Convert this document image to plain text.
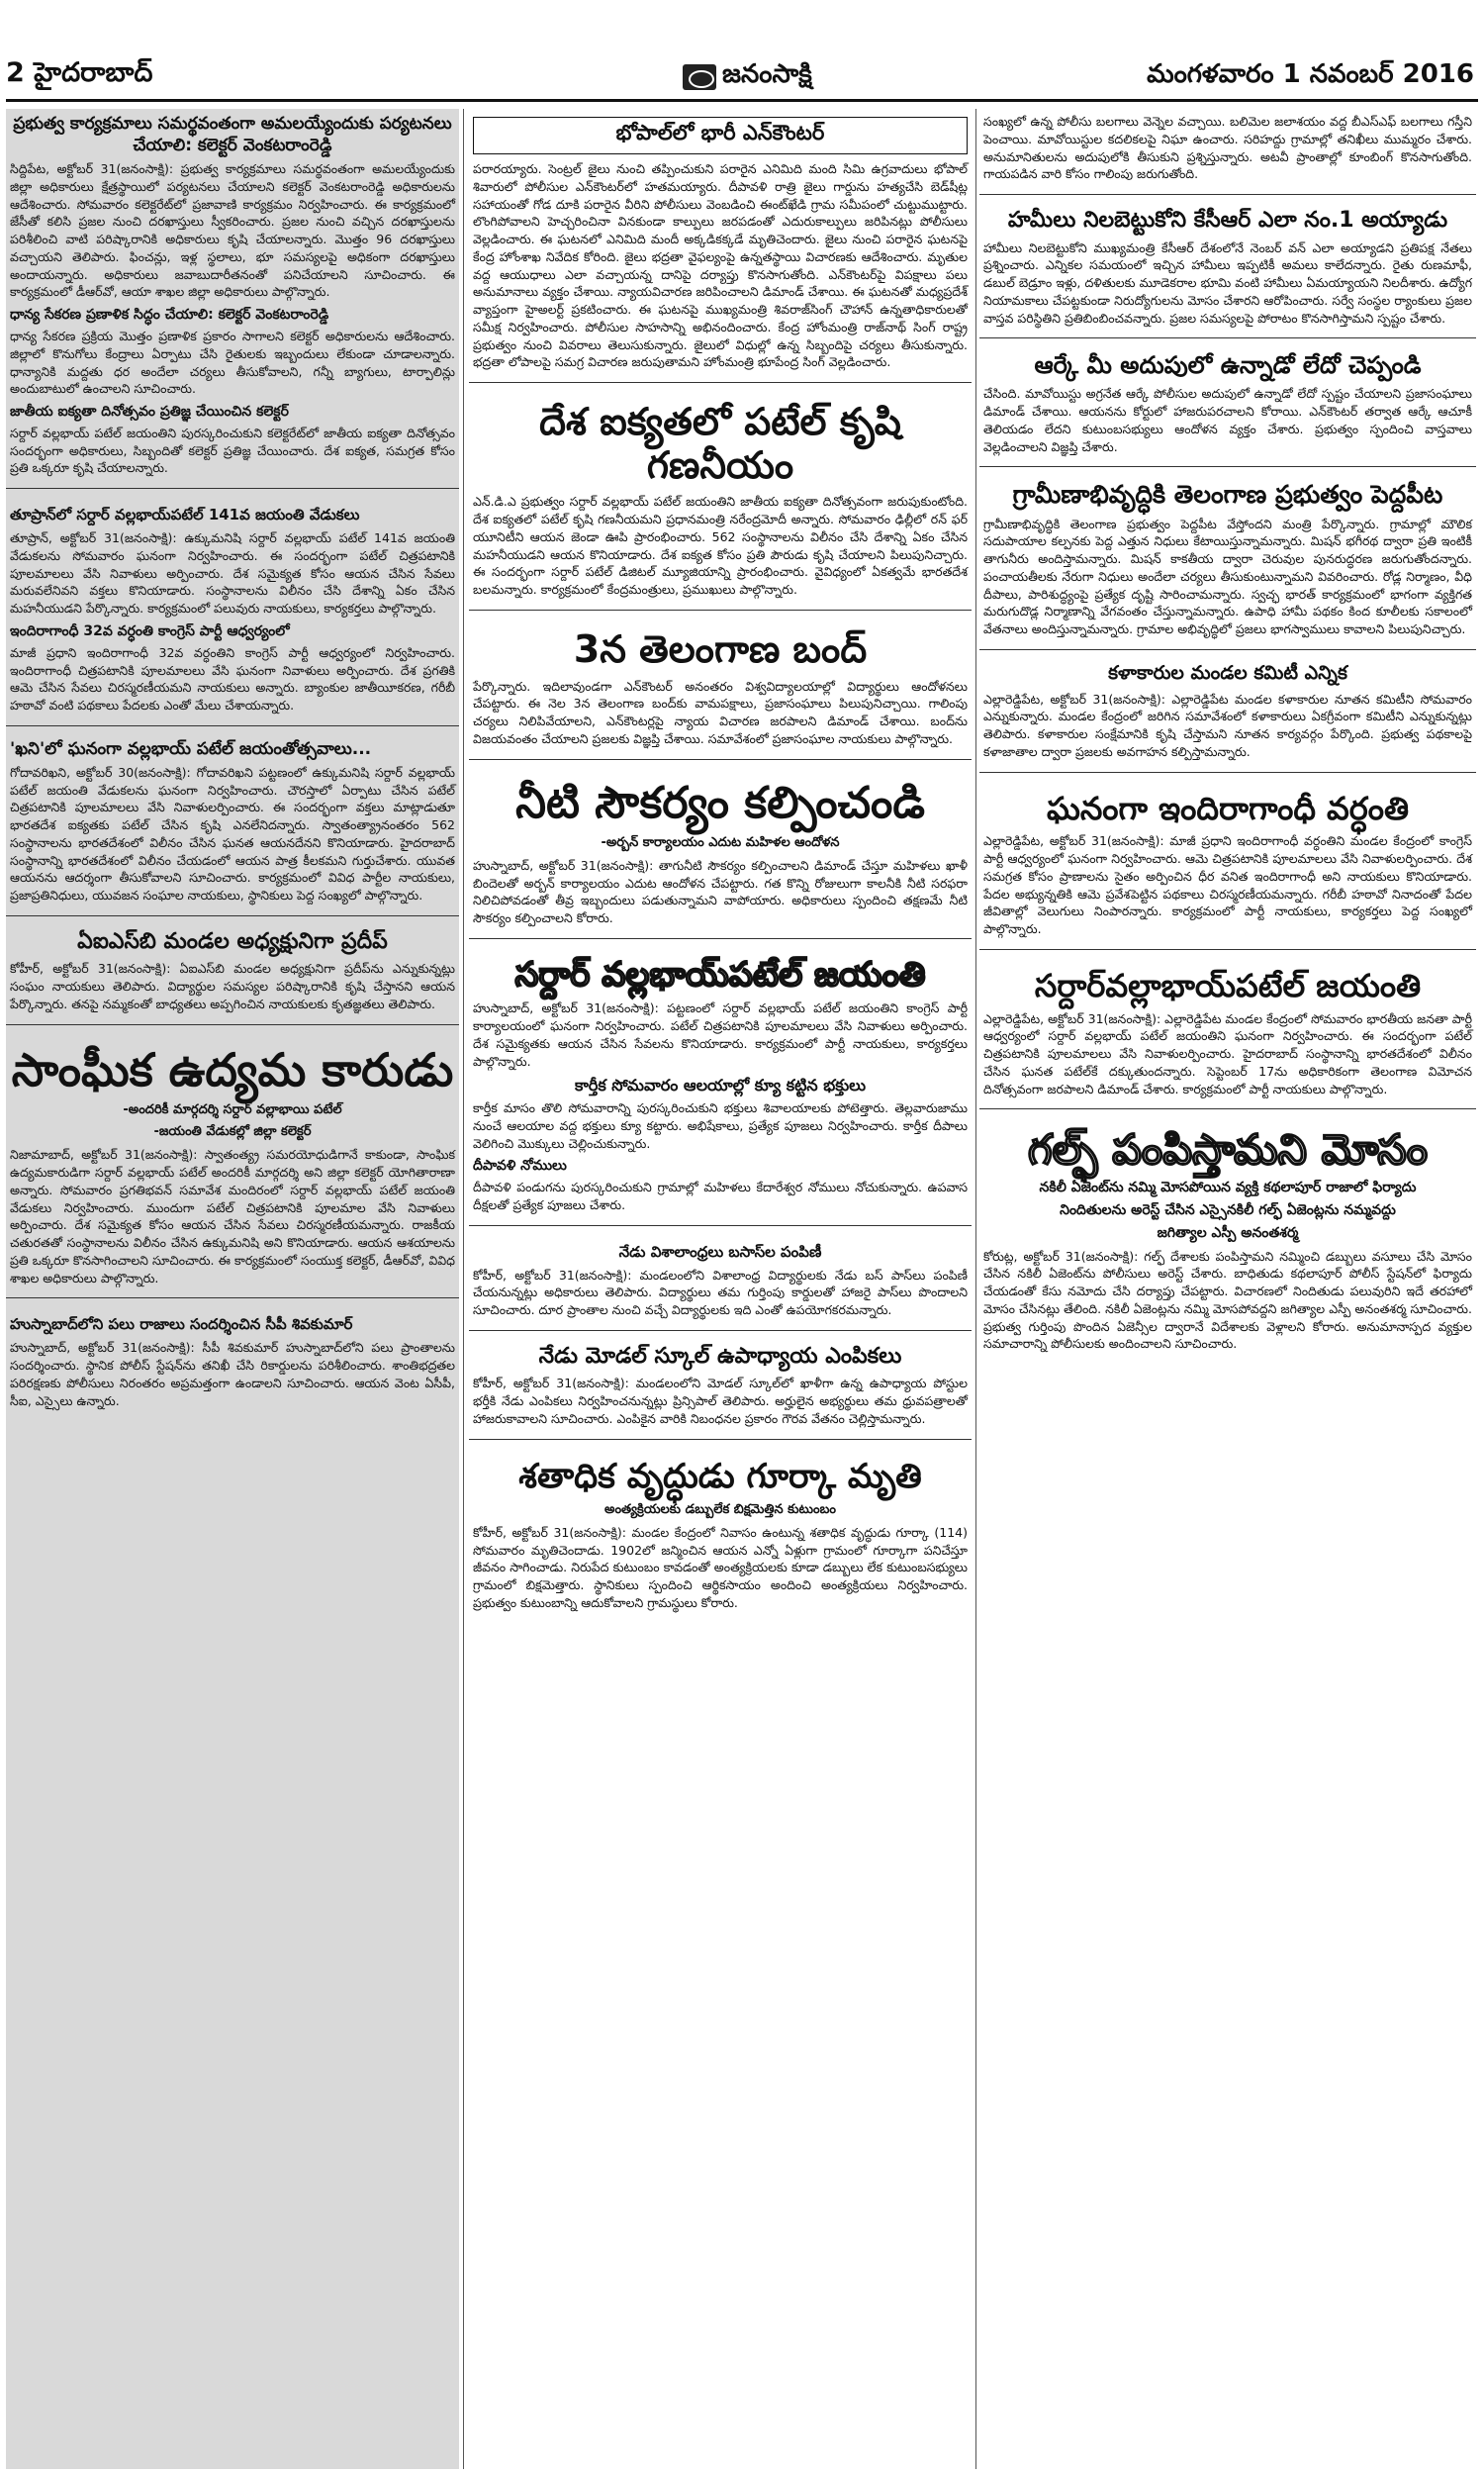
2 హైదరాబాద్	జనంసాక్షి	మంగళవారం 1 నవంబర్ 2016
ప్రభుత్వ కార్యక్రమాలు సమర్థవంతంగా అమలయ్యేందుకు పర్యటనలు చేయాలి: కలెక్టర్ వెంకటరాంరెడ్డి

సిద్దిపేట, అక్టోబర్ 31(జనంసాక్షి): ప్రభుత్వ కార్యక్రమాలు సమర్థవంతంగా అమలయ్యేందుకు జిల్లా అధికారులు క్షేత్రస్థాయిలో పర్యటనలు చేయాలని కలెక్టర్ వెంకటరాంరెడ్డి అధికారులను ఆదేశించారు. సోమవారం కలెక్టరేట్‌లో ప్రజావాణి కార్యక్రమం నిర్వహించారు. ఈ కార్యక్రమంలో జేసీతో కలిసి ప్రజల నుంచి దరఖాస్తులు స్వీకరించారు. ప్రజల నుంచి వచ్చిన దరఖాస్తులను పరిశీలించి వాటి పరిష్కారానికి అధికారులు కృషి చేయాలన్నారు. మొత్తం 96 దరఖాస్తులు వచ్చాయని తెలిపారు. ఫించన్లు, ఇళ్ల స్థలాలు, భూ సమస్యలపై అధికంగా దరఖాస్తులు అందాయన్నారు. అధికారులు జవాబుదారీతనంతో పనిచేయాలని సూచించారు. ఈ కార్యక్రమంలో డీఆర్‌వో, ఆయా శాఖల జిల్లా అధికారులు పాల్గొన్నారు.

ధాన్య సేకరణ ప్రణాళిక సిద్ధం చేయాలి: కలెక్టర్ వెంకటరాంరెడ్డి

ధాన్య సేకరణ ప్రక్రియ మొత్తం ప్రణాళిక ప్రకారం సాగాలని కలెక్టర్ అధికారులను ఆదేశించారు. జిల్లాలో కొనుగోలు కేంద్రాలు ఏర్పాటు చేసి రైతులకు ఇబ్బందులు లేకుండా చూడాలన్నారు. ధాన్యానికి మద్దతు ధర అందేలా చర్యలు తీసుకోవాలని, గన్నీ బ్యాగులు, టార్పాలిన్లు అందుబాటులో ఉంచాలని సూచించారు.

జాతీయ ఐక్యతా దినోత్సవం ప్రతిజ్ఞ చేయించిన కలెక్టర్

సర్దార్ వల్లభాయ్ పటేల్ జయంతిని పురస్కరించుకుని కలెక్టరేట్‌లో జాతీయ ఐక్యతా దినోత్సవం సందర్భంగా అధికారులు, సిబ్బందితో కలెక్టర్ ప్రతిజ్ఞ చేయించారు. దేశ ఐక్యత, సమగ్రత కోసం ప్రతి ఒక్కరూ కృషి చేయాలన్నారు.

తూప్రాన్‌లో సర్దార్ వల్లభాయ్‌పటేల్ 141వ జయంతి వేడుకలు

తూప్రాన్, అక్టోబర్ 31(జనంసాక్షి): ఉక్కుమనిషి సర్దార్ వల్లభాయ్ పటేల్ 141వ జయంతి వేడుకలను సోమవారం ఘనంగా నిర్వహించారు. ఈ సందర్భంగా పటేల్ చిత్రపటానికి పూలమాలలు వేసి నివాళులు అర్పించారు. దేశ సమైక్యత కోసం ఆయన చేసిన సేవలు మరువలేనివని వక్తలు కొనియాడారు. సంస్థానాలను విలీనం చేసి దేశాన్ని ఏకం చేసిన మహనీయుడని పేర్కొన్నారు. కార్యక్రమంలో పలువురు నాయకులు, కార్యకర్తలు పాల్గొన్నారు.

ఇందిరాగాంధీ 32వ వర్ధంతి కాంగ్రెస్ పార్టీ ఆధ్వర్యంలో

మాజీ ప్రధాని ఇందిరాగాంధీ 32వ వర్ధంతిని కాంగ్రెస్ పార్టీ ఆధ్వర్యంలో నిర్వహించారు. ఇందిరాగాంధీ చిత్రపటానికి పూలమాలలు వేసి ఘనంగా నివాళులు అర్పించారు. దేశ ప్రగతికి ఆమె చేసిన సేవలు చిరస్మరణీయమని నాయకులు అన్నారు. బ్యాంకుల జాతీయీకరణ, గరీబీ హఠావో వంటి పథకాలు పేదలకు ఎంతో మేలు చేశాయన్నారు.

'ఖని'లో ఘనంగా వల్లభాయ్ పటేల్ జయంతోత్సవాలు...

గోదావరిఖని, అక్టోబర్ 30(జనంసాక్షి): గోదావరిఖని పట్టణంలో ఉక్కుమనిషి సర్దార్ వల్లభాయ్ పటేల్ జయంతి వేడుకలను ఘనంగా నిర్వహించారు. చౌరస్తాలో ఏర్పాటు చేసిన పటేల్ చిత్రపటానికి పూలమాలలు వేసి నివాళులర్పించారు. ఈ సందర్భంగా వక్తలు మాట్లాడుతూ భారతదేశ ఐక్యతకు పటేల్ చేసిన కృషి ఎనలేనిదన్నారు. స్వాతంత్య్రానంతరం 562 సంస్థానాలను భారతదేశంలో విలీనం చేసిన ఘనత ఆయనదేనని కొనియాడారు. హైదరాబాద్ సంస్థానాన్ని భారతదేశంలో విలీనం చేయడంలో ఆయన పాత్ర కీలకమని గుర్తుచేశారు. యువత ఆయనను ఆదర్శంగా తీసుకోవాలని సూచించారు. కార్యక్రమంలో వివిధ పార్టీల నాయకులు, ప్రజాప్రతినిధులు, యువజన సంఘాల నాయకులు, స్థానికులు పెద్ద సంఖ్యలో పాల్గొన్నారు.

ఏఐఎస్‌బి మండల అధ్యక్షునిగా ప్రదీప్

కోహీర్, అక్టోబర్ 31(జనంసాక్షి): ఏఐఎస్‌బి మండల అధ్యక్షునిగా ప్రదీప్‌ను ఎన్నుకున్నట్లు సంఘం నాయకులు తెలిపారు. విద్యార్థుల సమస్యల పరిష్కారానికి కృషి చేస్తానని ఆయన పేర్కొన్నారు. తనపై నమ్మకంతో బాధ్యతలు అప్పగించిన నాయకులకు కృతజ్ఞతలు తెలిపారు.

సాంఘీక ఉద్యమ కారుడు
-అందరికీ మార్గదర్శి సర్దార్ వల్లాభాయి పటేల్
-జయంతి వేడుకల్లో జిల్లా కలెక్టర్

నిజామాబాద్, అక్టోబర్ 31(జనంసాక్షి): స్వాతంత్య్ర సమరయోధుడిగానే కాకుండా, సాంఘిక ఉద్యమకారుడిగా సర్దార్ వల్లభాయ్ పటేల్ అందరికీ మార్గదర్శి అని జిల్లా కలెక్టర్ యోగితారాణా అన్నారు. సోమవారం ప్రగతిభవన్ సమావేశ మందిరంలో సర్దార్ వల్లభాయ్ పటేల్ జయంతి వేడుకలు నిర్వహించారు. ముందుగా పటేల్ చిత్రపటానికి పూలమాల వేసి నివాళులు అర్పించారు. దేశ సమైక్యత కోసం ఆయన చేసిన సేవలు చిరస్మరణీయమన్నారు. రాజకీయ చతురతతో సంస్థానాలను విలీనం చేసిన ఉక్కుమనిషి అని కొనియాడారు. ఆయన ఆశయాలను ప్రతి ఒక్కరూ కొనసాగించాలని సూచించారు. ఈ కార్యక్రమంలో సంయుక్త కలెక్టర్, డీఆర్‌వో, వివిధ శాఖల అధికారులు పాల్గొన్నారు.

హుస్నాబాద్‌లోని పలు రాజాలు సందర్శించిన సీపీ శివకుమార్

హుస్నాబాద్, అక్టోబర్ 31(జనంసాక్షి): సీపీ శివకుమార్ హుస్నాబాద్‌లోని పలు ప్రాంతాలను సందర్శించారు. స్థానిక పోలీస్ స్టేషన్‌ను తనిఖీ చేసి రికార్డులను పరిశీలించారు. శాంతిభద్రతల పరిరక్షణకు పోలీసులు నిరంతరం అప్రమత్తంగా ఉండాలని సూచించారు. ఆయన వెంట ఏసీపీ, సీఐ, ఎస్సైలు ఉన్నారు.

భోపాల్‌లో భారీ ఎన్‌కౌంటర్

పరారయ్యారు. సెంట్రల్ జైలు నుంచి తప్పించుకుని పరారైన ఎనిమిది మంది సిమి ఉగ్రవాదులు భోపాల్ శివారులో పోలీసుల ఎన్‌కౌంటర్‌లో హతమయ్యారు. దీపావళి రాత్రి జైలు గార్డును హత్యచేసి బెడ్‌షీట్ల సహాయంతో గోడ దూకి పరారైన వీరిని పోలీసులు వెంబడించి ఈంట్‌ఖేడి గ్రామ సమీపంలో చుట్టుముట్టారు. లొంగిపోవాలని హెచ్చరించినా వినకుండా కాల్పులు జరపడంతో ఎదురుకాల్పులు జరిపినట్లు పోలీసులు వెల్లడించారు. ఈ ఘటనలో ఎనిమిది మందీ అక్కడికక్కడే మృతిచెందారు. జైలు నుంచి పరారైన ఘటనపై కేంద్ర హోంశాఖ నివేదిక కోరింది. జైలు భద్రతా వైఫల్యంపై ఉన్నతస్థాయి విచారణకు ఆదేశించారు. మృతుల వద్ద ఆయుధాలు ఎలా వచ్చాయన్న దానిపై దర్యాప్తు కొనసాగుతోంది. ఎన్‌కౌంటర్‌పై విపక్షాలు పలు అనుమానాలు వ్యక్తం చేశాయి. న్యాయవిచారణ జరిపించాలని డిమాండ్ చేశాయి. ఈ ఘటనతో మధ్యప్రదేశ్ వ్యాప్తంగా హైఅలర్ట్ ప్రకటించారు. ఈ ఘటనపై ముఖ్యమంత్రి శివరాజ్‌సింగ్ చౌహాన్ ఉన్నతాధికారులతో సమీక్ష నిర్వహించారు. పోలీసుల సాహసాన్ని అభినందించారు. కేంద్ర హోంమంత్రి రాజ్‌నాథ్ సింగ్ రాష్ట్ర ప్రభుత్వం నుంచి వివరాలు తెలుసుకున్నారు. జైలులో విధుల్లో ఉన్న సిబ్బందిపై చర్యలు తీసుకున్నారు. భద్రతా లోపాలపై సమగ్ర విచారణ జరుపుతామని హోంమంత్రి భూపేంద్ర సింగ్ వెల్లడించారు.

దేశ ఐక్యతలో పటేల్ కృషి గణనీయం

ఎన్.డి.ఎ ప్రభుత్వం సర్దార్ వల్లభాయ్ పటేల్ జయంతిని జాతీయ ఐక్యతా దినోత్సవంగా జరుపుకుంటోంది. దేశ ఐక్యతలో పటేల్ కృషి గణనీయమని ప్రధానమంత్రి నరేంద్రమోదీ అన్నారు. సోమవారం ఢిల్లీలో రన్ ఫర్ యూనిటీని ఆయన జెండా ఊపి ప్రారంభించారు. 562 సంస్థానాలను విలీనం చేసి దేశాన్ని ఏకం చేసిన మహనీయుడని ఆయన కొనియాడారు. దేశ ఐక్యత కోసం ప్రతి పౌరుడు కృషి చేయాలని పిలుపునిచ్చారు. ఈ సందర్భంగా సర్దార్ పటేల్ డిజిటల్ మ్యూజియాన్ని ప్రారంభించారు. వైవిధ్యంలో ఏకత్వమే భారతదేశ బలమన్నారు. కార్యక్రమంలో కేంద్రమంత్రులు, ప్రముఖులు పాల్గొన్నారు.

3న తెలంగాణ బంద్

పేర్కొన్నారు. ఇదిలావుండగా ఎన్‌కౌంటర్ అనంతరం విశ్వవిద్యాలయాల్లో విద్యార్థులు ఆందోళనలు చేపట్టారు. ఈ నెల 3న తెలంగాణ బంద్‌కు వామపక్షాలు, ప్రజాసంఘాలు పిలుపునిచ్చాయి. గాలింపు చర్యలు నిలిపివేయాలని, ఎన్‌కౌంటర్లపై న్యాయ విచారణ జరపాలని డిమాండ్ చేశాయి. బంద్‌ను విజయవంతం చేయాలని ప్రజలకు విజ్ఞప్తి చేశాయి. సమావేశంలో ప్రజాసంఘాల నాయకులు పాల్గొన్నారు.

నీటి సౌకర్యం కల్పించండి
-అర్బన్ కార్యాలయం ఎదుట మహిళల ఆందోళన

హుస్నాబాద్, అక్టోబర్ 31(జనంసాక్షి): తాగునీటి సౌకర్యం కల్పించాలని డిమాండ్ చేస్తూ మహిళలు ఖాళీ బిందెలతో అర్బన్ కార్యాలయం ఎదుట ఆందోళన చేపట్టారు. గత కొన్ని రోజులుగా కాలనీకి నీటి సరఫరా నిలిచిపోవడంతో తీవ్ర ఇబ్బందులు పడుతున్నామని వాపోయారు. అధికారులు స్పందించి తక్షణమే నీటి సౌకర్యం కల్పించాలని కోరారు.

సర్దార్ వల్లభాయ్‌పటేల్ జయంతి

హుస్నాబాద్, అక్టోబర్ 31(జనంసాక్షి): పట్టణంలో సర్దార్ వల్లభాయ్ పటేల్ జయంతిని కాంగ్రెస్ పార్టీ కార్యాలయంలో ఘనంగా నిర్వహించారు. పటేల్ చిత్రపటానికి పూలమాలలు వేసి నివాళులు అర్పించారు. దేశ సమైక్యతకు ఆయన చేసిన సేవలను కొనియాడారు. కార్యక్రమంలో పార్టీ నాయకులు, కార్యకర్తలు పాల్గొన్నారు.

కార్తీక సోమవారం ఆలయాల్లో క్యూ కట్టిన భక్తులు

కార్తీక మాసం తొలి సోమవారాన్ని పురస్కరించుకుని భక్తులు శివాలయాలకు పోటెత్తారు. తెల్లవారుజాము నుంచే ఆలయాల వద్ద భక్తులు క్యూ కట్టారు. అభిషేకాలు, ప్రత్యేక పూజలు నిర్వహించారు. కార్తీక దీపాలు వెలిగించి మొక్కులు చెల్లించుకున్నారు.

దీపావళి నోములు

దీపావళి పండుగను పురస్కరించుకుని గ్రామాల్లో మహిళలు కేదారేశ్వర నోములు నోచుకున్నారు. ఉపవాస దీక్షలతో ప్రత్యేక పూజలు చేశారు.

నేడు విశాలాంధ్రలు బసాస్‌ల పంపిణీ

కోహీర్, అక్టోబర్ 31(జనంసాక్షి): మండలంలోని విశాలాంధ్ర విద్యార్థులకు నేడు బస్ పాస్‌లు పంపిణీ చేయనున్నట్లు అధికారులు తెలిపారు. విద్యార్థులు తమ గుర్తింపు కార్డులతో హాజరై పాస్‌లు పొందాలని సూచించారు. దూర ప్రాంతాల నుంచి వచ్చే విద్యార్థులకు ఇది ఎంతో ఉపయోగకరమన్నారు.

నేడు మోడల్ స్కూల్ ఉపాధ్యాయ ఎంపికలు

కోహీర్, అక్టోబర్ 31(జనంసాక్షి): మండలంలోని మోడల్ స్కూల్‌లో ఖాళీగా ఉన్న ఉపాధ్యాయ పోస్టుల భర్తీకి నేడు ఎంపికలు నిర్వహించనున్నట్లు ప్రిన్సిపాల్ తెలిపారు. అర్హులైన అభ్యర్థులు తమ ధ్రువపత్రాలతో హాజరుకావాలని సూచించారు. ఎంపికైన వారికి నిబంధనల ప్రకారం గౌరవ వేతనం చెల్లిస్తామన్నారు.

శతాధిక వృద్ధుడు గూర్కా మృతి
అంత్యక్రియలకు డబ్బులేక బిక్షమెత్తిన కుటుంబం

కోహీర్, అక్టోబర్ 31(జనంసాక్షి): మండల కేంద్రంలో నివాసం ఉంటున్న శతాధిక వృద్ధుడు గూర్కా (114) సోమవారం మృతిచెందాడు. 1902లో జన్మించిన ఆయన ఎన్నో ఏళ్లుగా గ్రామంలో గూర్కాగా పనిచేస్తూ జీవనం సాగించాడు. నిరుపేద కుటుంబం కావడంతో అంత్యక్రియలకు కూడా డబ్బులు లేక కుటుంబసభ్యులు గ్రామంలో బిక్షమెత్తారు. స్థానికులు స్పందించి ఆర్థికసాయం అందించి అంత్యక్రియలు నిర్వహించారు. ప్రభుత్వం కుటుంబాన్ని ఆదుకోవాలని గ్రామస్థులు కోరారు.

సంఖ్యలో ఉన్న పోలీసు బలగాలు వెన్నెల వచ్చాయి. బలిమెల జలాశయం వద్ద బీఎస్ఎఫ్ బలగాలు గస్తీని పెంచాయి. మావోయిస్టుల కదలికలపై నిఘా ఉంచారు. సరిహద్దు గ్రామాల్లో తనిఖీలు ముమ్మరం చేశారు. అనుమానితులను అదుపులోకి తీసుకుని ప్రశ్నిస్తున్నారు. అటవీ ప్రాంతాల్లో కూంబింగ్ కొనసాగుతోంది. గాయపడిన వారి కోసం గాలింపు జరుగుతోంది.

హమీలు నిలబెట్టుకోని కేసీఆర్ ఎలా నం.1 అయ్యాడు

హామీలు నిలబెట్టుకోని ముఖ్యమంత్రి కేసీఆర్ దేశంలోనే నెంబర్ వన్ ఎలా అయ్యాడని ప్రతిపక్ష నేతలు ప్రశ్నించారు. ఎన్నికల సమయంలో ఇచ్చిన హామీలు ఇప్పటికీ అమలు కాలేదన్నారు. రైతు రుణమాఫీ, డబుల్ బెడ్రూం ఇళ్లు, దళితులకు మూడెకరాల భూమి వంటి హామీలు ఏమయ్యాయని నిలదీశారు. ఉద్యోగ నియామకాలు చేపట్టకుండా నిరుద్యోగులను మోసం చేశారని ఆరోపించారు. సర్వే సంస్థల ర్యాంకులు ప్రజల వాస్తవ పరిస్థితిని ప్రతిబింబించవన్నారు. ప్రజల సమస్యలపై పోరాటం కొనసాగిస్తామని స్పష్టం చేశారు.

ఆర్కే మీ అదుపులో ఉన్నాడో లేదో చెప్పండి

చేసింది. మావోయిస్టు అగ్రనేత ఆర్కే పోలీసుల అదుపులో ఉన్నాడో లేదో స్పష్టం చేయాలని ప్రజాసంఘాలు డిమాండ్ చేశాయి. ఆయనను కోర్టులో హాజరుపరచాలని కోరాయి. ఎన్‌కౌంటర్ తర్వాత ఆర్కే ఆచూకీ తెలియడం లేదని కుటుంబసభ్యులు ఆందోళన వ్యక్తం చేశారు. ప్రభుత్వం స్పందించి వాస్తవాలు వెల్లడించాలని విజ్ఞప్తి చేశారు.

గ్రామీణాభివృద్ధికి తెలంగాణ ప్రభుత్వం పెద్దపీట

గ్రామీణాభివృద్ధికి తెలంగాణ ప్రభుత్వం పెద్దపీట వేస్తోందని మంత్రి పేర్కొన్నారు. గ్రామాల్లో మౌలిక సదుపాయాల కల్పనకు పెద్ద ఎత్తున నిధులు కేటాయిస్తున్నామన్నారు. మిషన్ భగీరథ ద్వారా ప్రతి ఇంటికీ తాగునీరు అందిస్తామన్నారు. మిషన్ కాకతీయ ద్వారా చెరువుల పునరుద్ధరణ జరుగుతోందన్నారు. పంచాయతీలకు నేరుగా నిధులు అందేలా చర్యలు తీసుకుంటున్నామని వివరించారు. రోడ్ల నిర్మాణం, వీధి దీపాలు, పారిశుద్ధ్యంపై ప్రత్యేక దృష్టి సారించామన్నారు. స్వచ్ఛ భారత్ కార్యక్రమంలో భాగంగా వ్యక్తిగత మరుగుదొడ్ల నిర్మాణాన్ని వేగవంతం చేస్తున్నామన్నారు. ఉపాధి హామీ పథకం కింద కూలీలకు సకాలంలో వేతనాలు అందిస్తున్నామన్నారు. గ్రామాల అభివృద్ధిలో ప్రజలు భాగస్వాములు కావాలని పిలుపునిచ్చారు.

కళాకారుల మండల కమిటీ ఎన్నిక

ఎల్లారెడ్డిపేట, అక్టోబర్ 31(జనంసాక్షి): ఎల్లారెడ్డిపేట మండల కళాకారుల నూతన కమిటీని సోమవారం ఎన్నుకున్నారు. మండల కేంద్రంలో జరిగిన సమావేశంలో కళాకారులు ఏకగ్రీవంగా కమిటీని ఎన్నుకున్నట్లు తెలిపారు. కళాకారుల సంక్షేమానికి కృషి చేస్తామని నూతన కార్యవర్గం పేర్కొంది. ప్రభుత్వ పథకాలపై కళాజాతాల ద్వారా ప్రజలకు అవగాహన కల్పిస్తామన్నారు.

ఘనంగా ఇందిరాగాంధీ వర్ధంతి

ఎల్లారెడ్డిపేట, అక్టోబర్ 31(జనంసాక్షి): మాజీ ప్రధాని ఇందిరాగాంధీ వర్ధంతిని మండల కేంద్రంలో కాంగ్రెస్ పార్టీ ఆధ్వర్యంలో ఘనంగా నిర్వహించారు. ఆమె చిత్రపటానికి పూలమాలలు వేసి నివాళులర్పించారు. దేశ సమగ్రత కోసం ప్రాణాలను సైతం అర్పించిన ధీర వనిత ఇందిరాగాంధీ అని నాయకులు కొనియాడారు. పేదల అభ్యున్నతికి ఆమె ప్రవేశపెట్టిన పథకాలు చిరస్మరణీయమన్నారు. గరీబీ హఠావో నినాదంతో పేదల జీవితాల్లో వెలుగులు నింపారన్నారు. కార్యక్రమంలో పార్టీ నాయకులు, కార్యకర్తలు పెద్ద సంఖ్యలో పాల్గొన్నారు.

సర్దార్‌వల్లాభాయ్‌పటేల్ జయంతి

ఎల్లారెడ్డిపేట, అక్టోబర్ 31(జనంసాక్షి): ఎల్లారెడ్డిపేట మండల కేంద్రంలో సోమవారం భారతీయ జనతా పార్టీ ఆధ్వర్యంలో సర్దార్ వల్లభాయ్ పటేల్ జయంతిని ఘనంగా నిర్వహించారు. ఈ సందర్భంగా పటేల్ చిత్రపటానికి పూలమాలలు వేసి నివాళులర్పించారు. హైదరాబాద్ సంస్థానాన్ని భారతదేశంలో విలీనం చేసిన ఘనత పటేల్‌కే దక్కుతుందన్నారు. సెప్టెంబర్ 17ను అధికారికంగా తెలంగాణ విమోచన దినోత్సవంగా జరపాలని డిమాండ్ చేశారు. కార్యక్రమంలో పార్టీ నాయకులు పాల్గొన్నారు.

గల్ఫ్ పంపిస్తామని మోసం
నకిలీ ఏజెంట్‌ను నమ్మి మోసపోయిన వ్యక్తి కథలాపూర్ రాజాలో ఫిర్యాదు
నిందితులను అరెస్ట్ చేసిన ఎస్సైనకిలీ గల్ఫ్ ఏజెంట్లను నమ్మవద్దు
జగిత్యాల ఎస్పీ అనంతశర్మ

కోరుట్ల, అక్టోబర్ 31(జనంసాక్షి): గల్ఫ్ దేశాలకు పంపిస్తామని నమ్మించి డబ్బులు వసూలు చేసి మోసం చేసిన నకిలీ ఏజెంట్‌ను పోలీసులు అరెస్ట్ చేశారు. బాధితుడు కథలాపూర్ పోలీస్ స్టేషన్‌లో ఫిర్యాదు చేయడంతో కేసు నమోదు చేసి దర్యాప్తు చేపట్టారు. విచారణలో నిందితుడు పలువురిని ఇదే తరహాలో మోసం చేసినట్లు తేలింది. నకిలీ ఏజెంట్లను నమ్మి మోసపోవద్దని జగిత్యాల ఎస్పీ అనంతశర్మ సూచించారు. ప్రభుత్వ గుర్తింపు పొందిన ఏజెన్సీల ద్వారానే విదేశాలకు వెళ్లాలని కోరారు. అనుమానాస్పద వ్యక్తుల సమాచారాన్ని పోలీసులకు అందించాలని సూచించారు.
